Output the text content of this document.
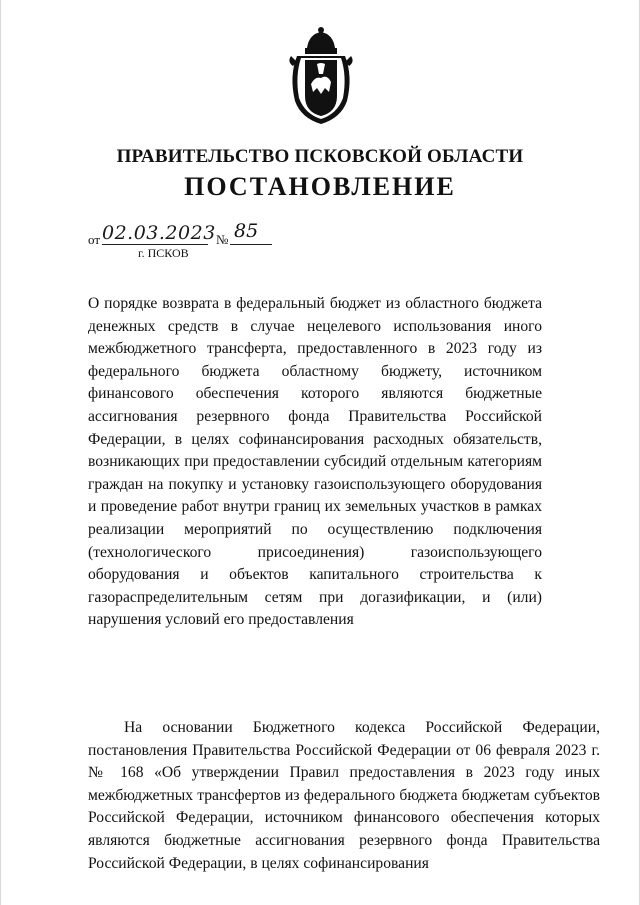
ПРАВИТЕЛЬСТВО ПСКОВСКОЙ ОБЛАСТИ
ПОСТАНОВЛЕНИЕ
от 02.03.2023 № 85
г. ПСКОВ

О порядке возврата в федеральный бюджет из областного бюджета денежных средств в случае нецелевого использования иного межбюджетного трансферта, предоставленного в 2023 году из федерального бюджета областному бюджету, источником финансового обеспечения которого являются бюджетные ассигнования резервного фонда Правительства Российской Федерации, в целях софинансирования расходных обязательств, возникающих при предоставлении субсидий отдельным категориям граждан на покупку и установку газоиспользующего оборудования и проведение работ внутри границ их земельных участков в рамках реализации мероприятий по осуществлению подключения (технологического присоединения) газоиспользующего оборудования и объектов капитального строительства к газораспределительным сетям при догазификации, и (или) нарушения условий его предоставления

На основании Бюджетного кодекса Российской Федерации, постановления Правительства Российской Федерации от 06 февраля 2023 г. № 168 «Об утверждении Правил предоставления в 2023 году иных межбюджетных трансфертов из федерального бюджета бюджетам субъектов Российской Федерации, источником финансового обеспечения которых являются бюджетные ассигнования резервного фонда Правительства Российской Федерации, в целях софинансирования
